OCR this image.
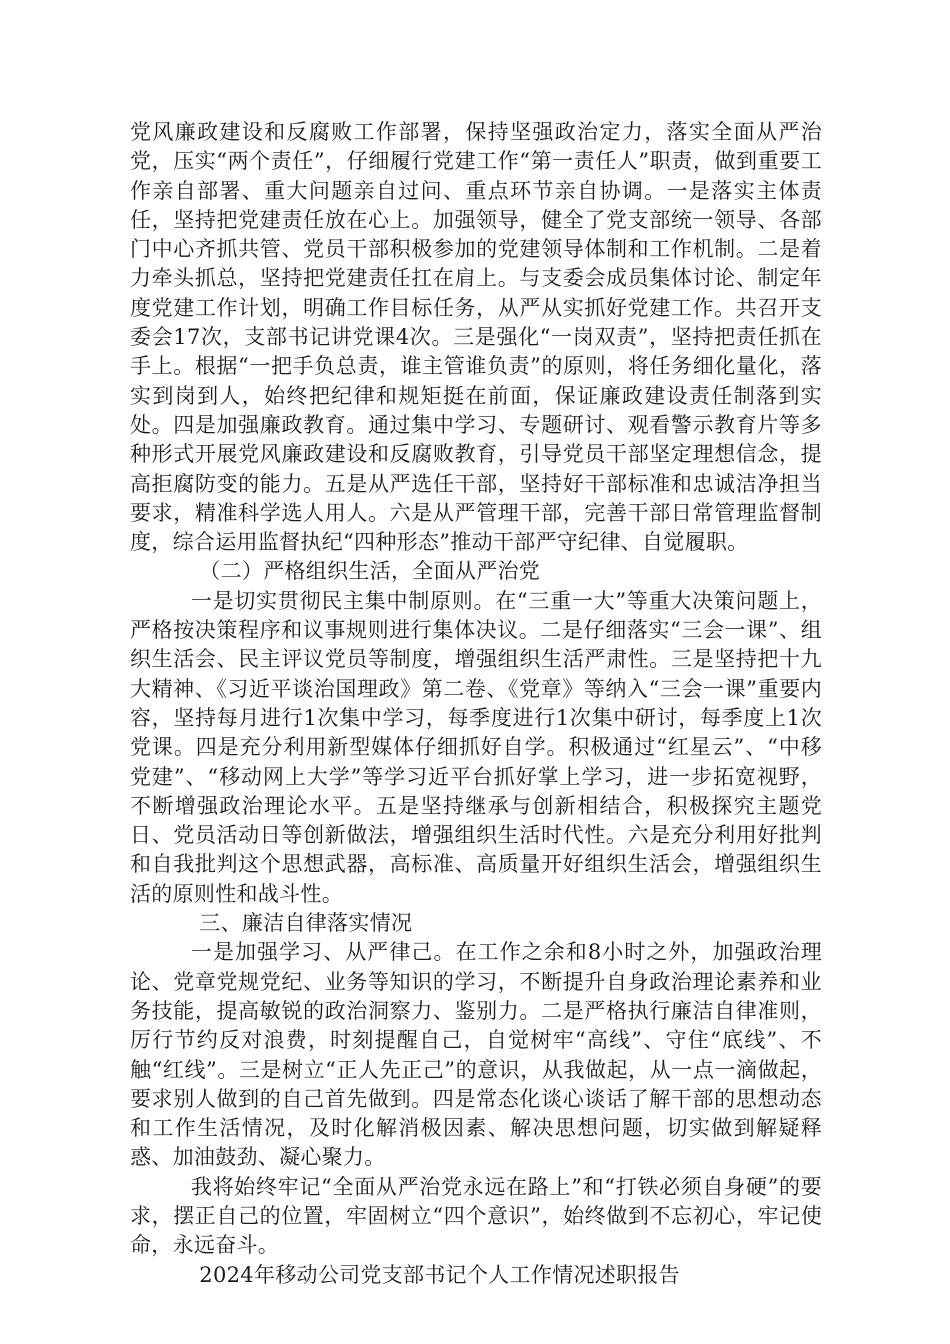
党风廉政建设和反腐败工作部署，保持坚强政治定力，落实全面从严治党，压实“两个责任”，仔细履行党建工作“第一责任人”职责，做到重要工作亲自部署、重大问题亲自过问、重点环节亲自协调。一是落实主体责任，坚持把党建责任放在心上。加强领导，健全了党支部统一领导、各部门中心齐抓共管、党员干部积极参加的党建领导体制和工作机制。二是着力牵头抓总，坚持把党建责任扛在肩上。与支委会成员集体讨论、制定年度党建工作计划，明确工作目标任务，从严从实抓好党建工作。共召开支委会17次，支部书记讲党课4次。三是强化“一岗双责”，坚持把责任抓在手上。根据“一把手负总责，谁主管谁负责”的原则，将任务细化量化，落实到岗到人，始终把纪律和规矩挺在前面，保证廉政建设责任制落到实处。四是加强廉政教育。通过集中学习、专题研讨、观看警示教育片等多种形式开展党风廉政建设和反腐败教育，引导党员干部坚定理想信念，提高拒腐防变的能力。五是从严选任干部，坚持好干部标准和忠诚洁净担当要求，精准科学选人用人。六是从严管理干部，完善干部日常管理监督制度，综合运用监督执纪“四种形态”推动干部严守纪律、自觉履职。

（二）严格组织生活，全面从严治党

一是切实贯彻民主集中制原则。在“三重一大”等重大决策问题上，严格按决策程序和议事规则进行集体决议。二是仔细落实“三会一课”、组织生活会、民主评议党员等制度，增强组织生活严肃性。三是坚持把十九大精神、《习近平谈治国理政》第二卷、《党章》等纳入“三会一课”重要内容，坚持每月进行1次集中学习，每季度进行1次集中研讨，每季度上1次党课。四是充分利用新型媒体仔细抓好自学。积极通过“红星云”、“中移党建”、“移动网上大学”等学习近平台抓好掌上学习，进一步拓宽视野，不断增强政治理论水平。五是坚持继承与创新相结合，积极探究主题党日、党员活动日等创新做法，增强组织生活时代性。六是充分利用好批判和自我批判这个思想武器，高标准、高质量开好组织生活会，增强组织生活的原则性和战斗性。

三、廉洁自律落实情况

一是加强学习、从严律己。在工作之余和8小时之外，加强政治理论、党章党规党纪、业务等知识的学习，不断提升自身政治理论素养和业务技能，提高敏锐的政治洞察力、鉴别力。二是严格执行廉洁自律准则，厉行节约反对浪费，时刻提醒自己，自觉树牢“高线”、守住“底线”、不触“红线”。三是树立“正人先正己”的意识，从我做起，从一点一滴做起，要求别人做到的自己首先做到。四是常态化谈心谈话了解干部的思想动态和工作生活情况，及时化解消极因素、解决思想问题，切实做到解疑释惑、加油鼓劲、凝心聚力。

我将始终牢记“全面从严治党永远在路上”和“打铁必须自身硬”的要求，摆正自己的位置，牢固树立“四个意识”，始终做到不忘初心，牢记使命，永远奋斗。

2024年移动公司党支部书记个人工作情况述职报告
